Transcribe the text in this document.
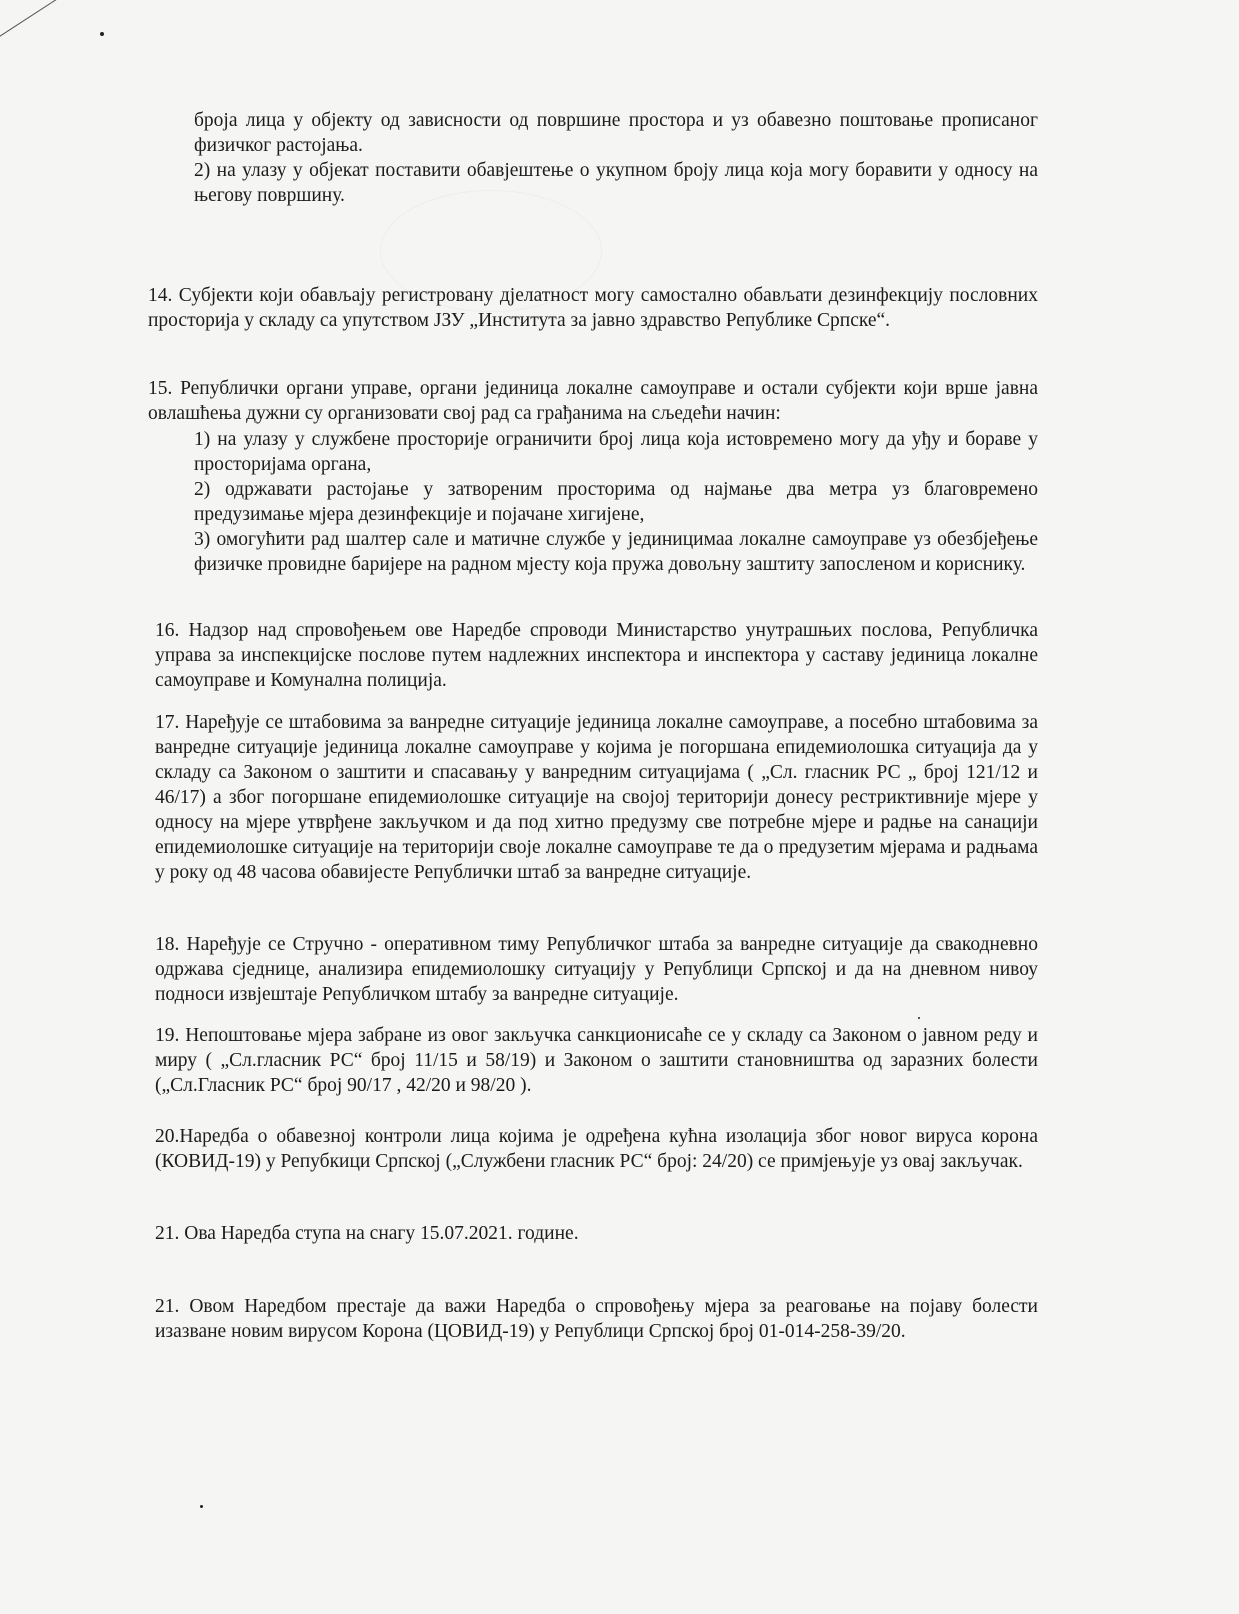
броја лица у објекту од зависности од површине простора и уз обавезно поштовање прописаног физичког растојања.
2) на улазу у објекат поставити обавјештење о укупном броју лица која могу боравити у односу на његову површину.

14. Субјекти који обављају регистровану дјелатност могу самостално обављати дезинфекцију пословних просторија у складу са упутством ЈЗУ „Института за јавно здравство Републике Српске“.

15. Републички органи управе, органи јединица локалне самоуправе и остали субјекти који врше јавна овлашћења дужни су организовати свој рад са грађанима на сљедећи начин:

1) на улазу у службене просторије ограничити број лица која истовремено могу да уђу и бораве у просторијама органа,
2) одржавати растојање у затвореним просторима од најмање два метра уз благовремено предузимање мјера дезинфекције и појачане хигијене,
3) омогућити рад шалтер сале и матичне службе у јединицимаа локалне самоуправе уз обезбјеђење физичке провидне баријере на радном мјесту која пружа довољну заштиту запосленом и кориснику.

16. Надзор над спровођењем ове Наредбе спроводи Министарство унутрашњих послова, Републичка управа за инспекцијске послове путем надлежних инспектора и инспектора у саставу јединица локалне самоуправе и Комунална полиција.

17. Наређује се штабовима за ванредне ситуације јединица локалне самоуправе, а посебно штабовима за ванредне ситуације јединица локалне самоуправе у којима је погоршана епидемиолошка ситуација да у складу са Законом о заштити и спасавању у ванредним ситуацијама ( „Сл. гласник РС „ број 121/12 и 46/17) а због погоршане епидемиолошке ситуације на својој територији донесу рестриктивније мјере у односу на мјере утврђене закључком и да под хитно предузму све потребне мјере и радње на санацији епидемиолошке ситуације на територији своје локалне самоуправе те да о предузетим мјерама и радњама у року од 48 часова обавијесте Републички штаб за ванредне ситуације.

18. Наређује се Стручно - оперативном тиму Републичког штаба за ванредне ситуације да свакодневно одржава сједнице, анализира епидемиолошку ситуацију у Републици Српској и да на дневном нивоу подноси извјештаје Републичком штабу за ванредне ситуације.

19. Непоштовање мјера забране из овог закључка санкционисаће се у складу са Законом о јавном реду и миру ( „Сл.гласник РС“ број 11/15 и 58/19) и Законом о заштити становништва од заразних болести („Сл.Гласник РС“ број 90/17 , 42/20 и 98/20 ).

20.Наредба о обавезној контроли лица којима је одређена кућна изолација због новог вируса корона (КОВИД-19) у Репубкици Српској („Службени гласник РС“ број: 24/20) се примјењује уз овај закључак.

21. Ова Наредба ступа на снагу 15.07.2021. године.

21. Овом Наредбом престаје да важи Наредба о спровођењу мјера за реаговање на појаву болести изазване новим вирусом Корона (ЦОВИД-19) у Републици Српској број 01-014-258-39/20.
